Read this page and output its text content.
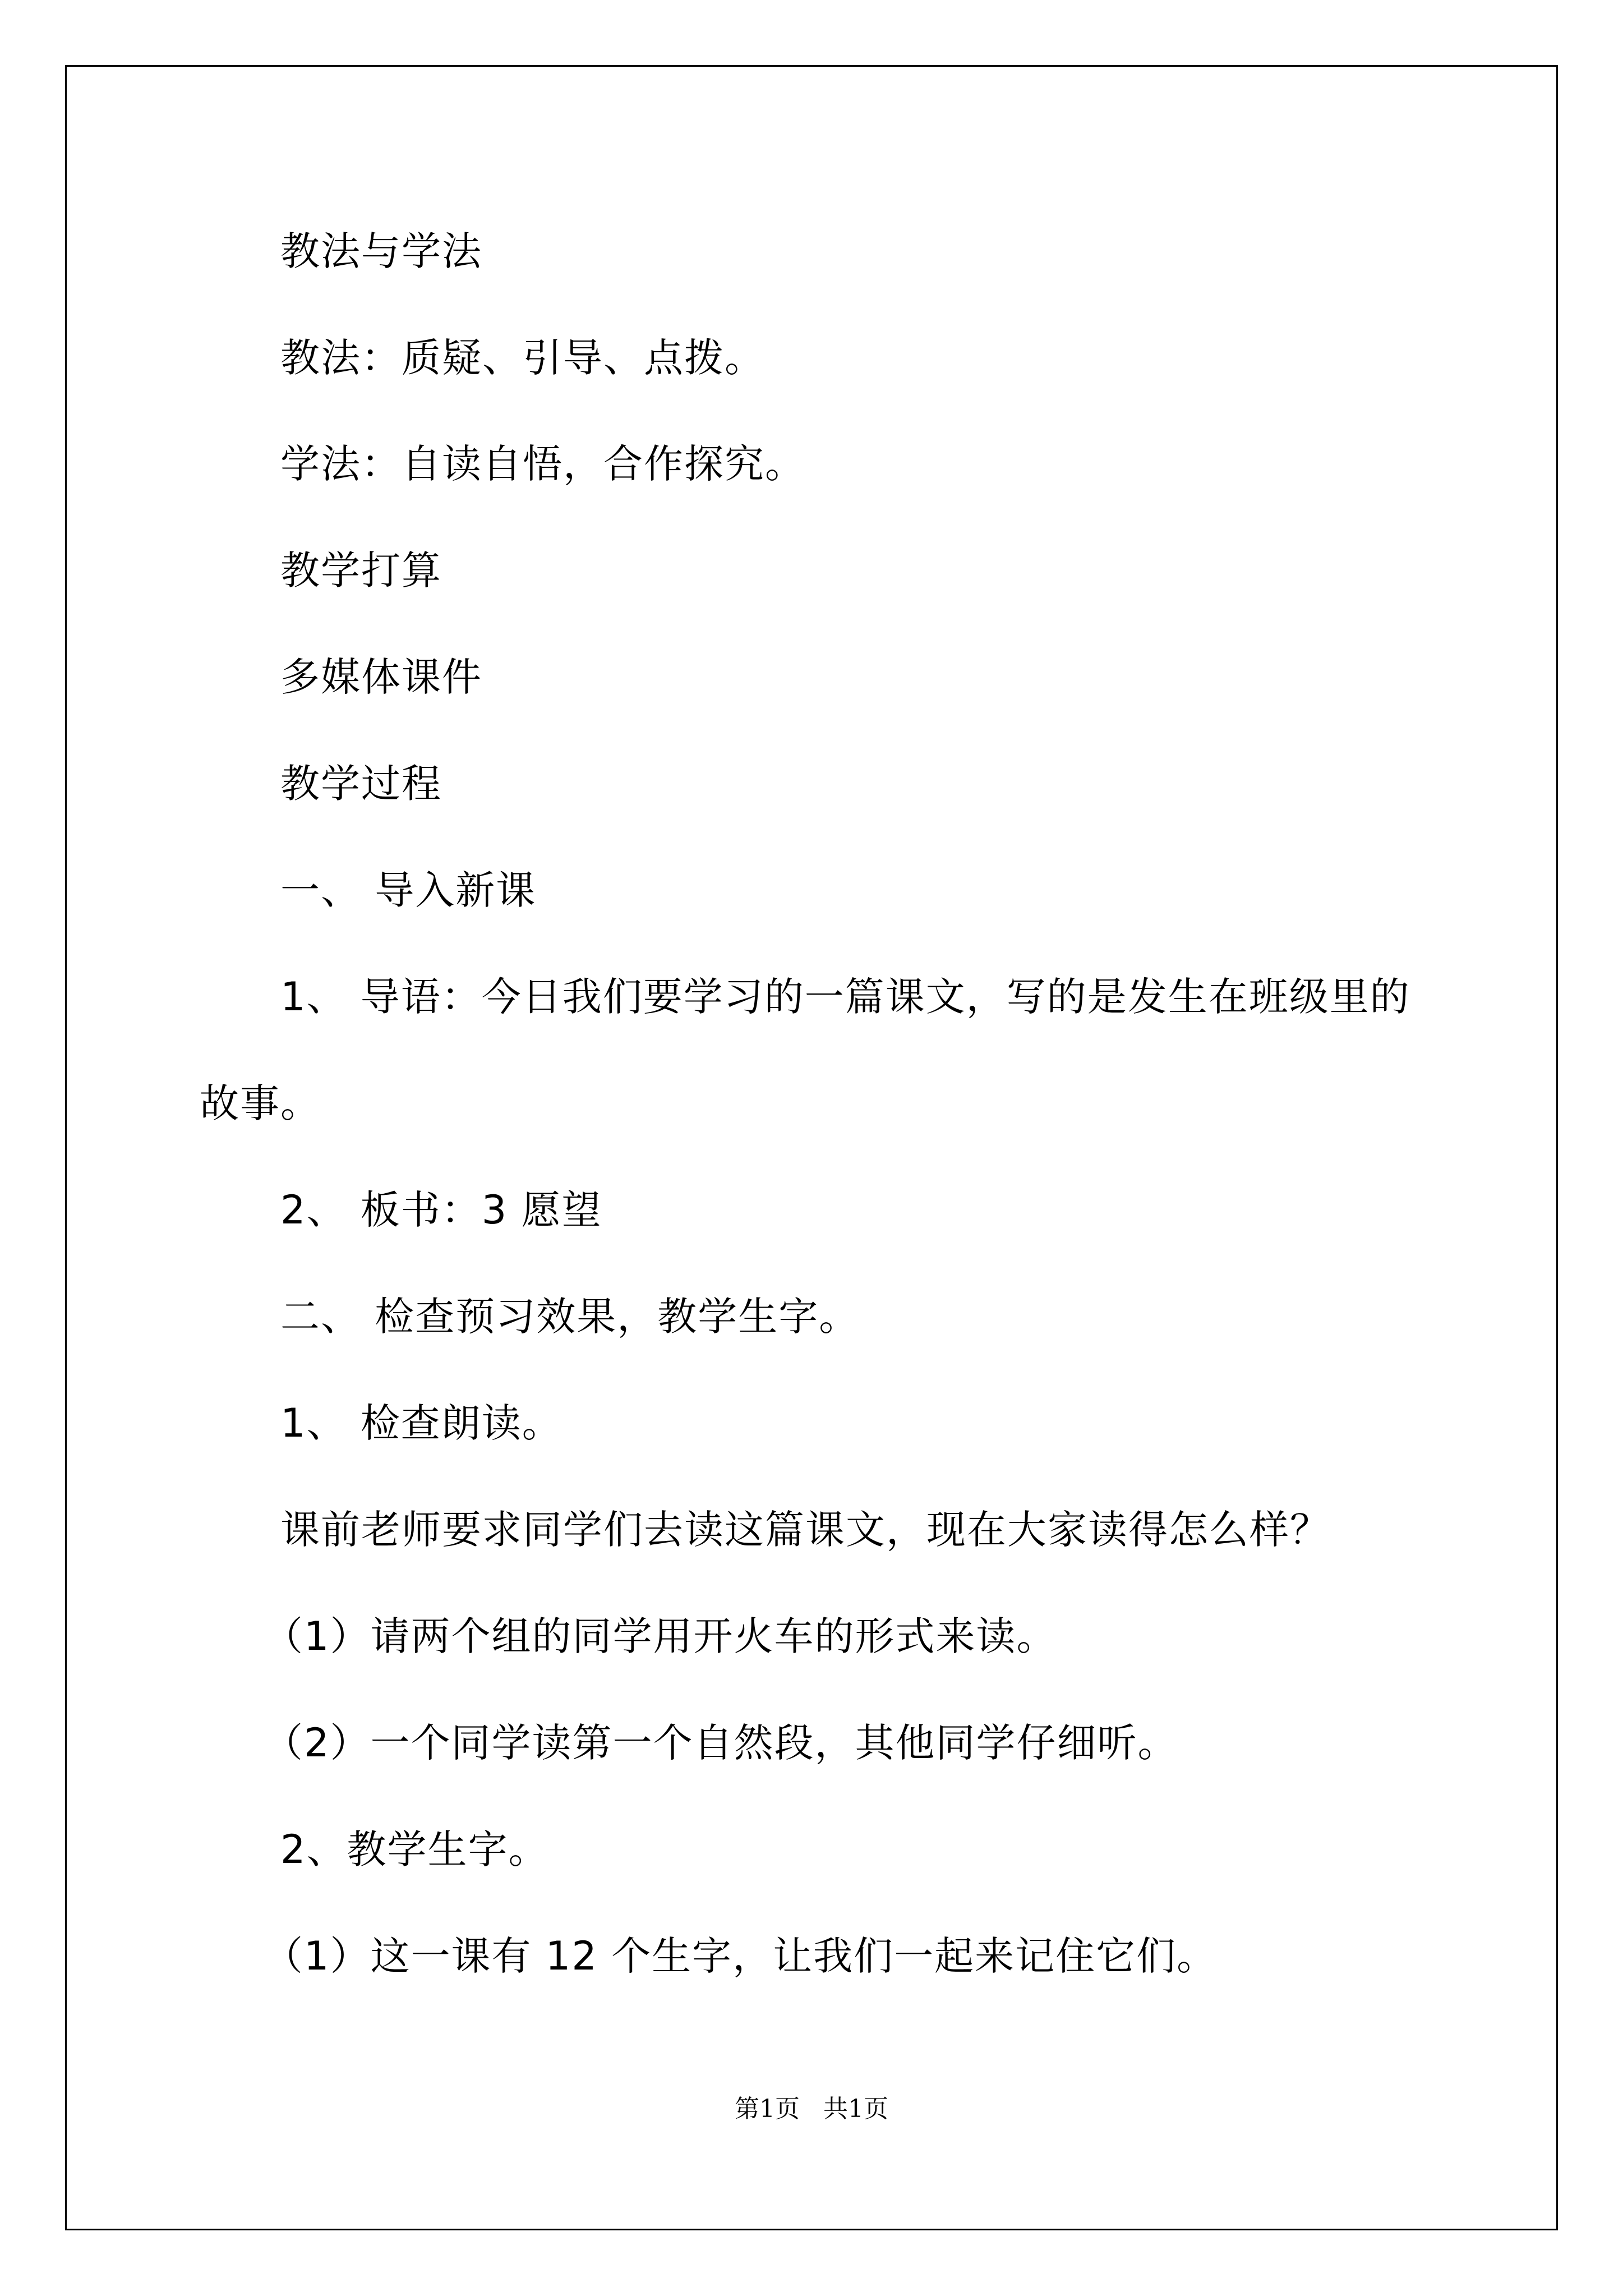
教法与学法
教法：质疑、引导、点拨。
学法：自读自悟，合作探究。
教学打算
多媒体课件
教学过程
一、 导入新课
1、 导语：今日我们要学习的一篇课文，写的是发生在班级里的
故事。
2、 板书：3 愿望
二、 检查预习效果，教学生字。
1、 检查朗读。
课前老师要求同学们去读这篇课文，现在大家读得怎么样？
（1）请两个组的同学用开火车的形式来读。
（2）一个同学读第一个自然段，其他同学仔细听。
2、教学生字。
（1）这一课有 12 个生字，让我们一起来记住它们。
第1页   共1页
